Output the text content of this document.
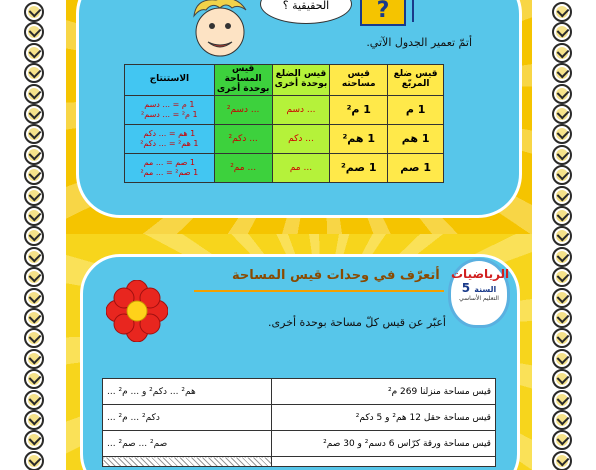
الحقيقية ؟	?
أتمّ تعمير الجدول الآتي.
قيس ضلع المربّع	قيس مساحته	قيس الضلع بوحدة أخرى	قيس المساحة بوحدة أخرى	الاستنتاج
1 م	1 م²	... دسم	... دسم²	1 م = ... دسم
1 م² = ... دسم²

1 هم	1 هم²	... دكم	... دكم²	1 هم = ... دكم
1 هم² = ... دكم²

1 صم	1 صم²	... مم	... مم²	1 صم = ... مم
1 صم² = ... مم²
الرياضيات
السنة 5
التعليم الأساسي
أتعرّف في وحدات قيس المساحة
أعبّر عن قيس كلّ مساحة بوحدة أخرى.
قيس مساحة منزلنا 269 م²	... هم² ... دكم² و ... م²
قيس مساحة حقل 12 هم² و 5 دكم²	... دكم² ... م²
قيس مساحة ورقة كرّاس 6 دسم² و 30 صم²	... صم² ... صم²
